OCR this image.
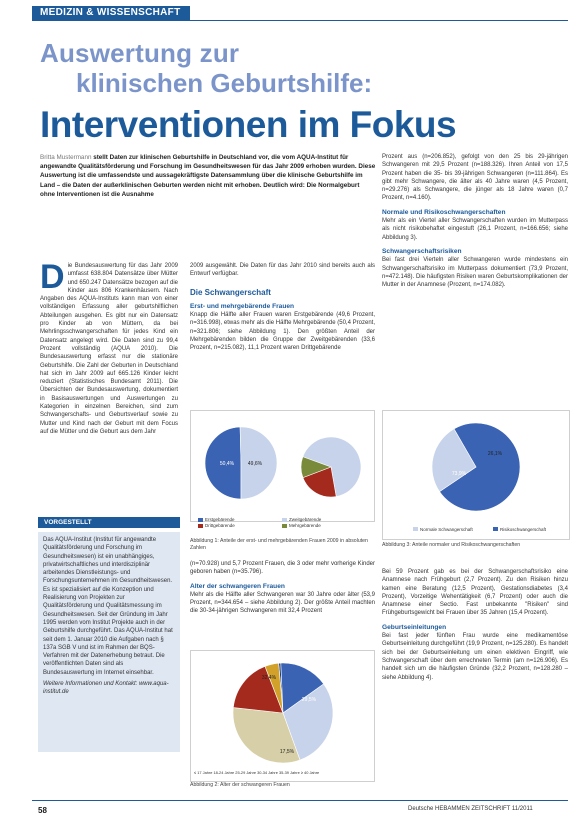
MEDIZIN & WISSENSCHAFT
Auswertung zur
klinischen Geburtshilfe:
Interventionen im Fokus
Britta Mustermann stellt Daten zur klinischen Geburtshilfe in Deutschland vor, die vom AQUA-Institut für angewandte Qualitätsförderung und Forschung im Gesundheitswesen für das Jahr 2009 erhoben wurden. Diese Auswertung ist die umfassendste und aussagekräftigste Datensammlung über die klinische Geburtshilfe im Land – die Daten der außerklinischen Geburten werden nicht mit erhoben. Deutlich wird: Die Normalgeburt ohne Interventionen ist die Ausnahme
D ie Bundesauswertung für das Jahr 2009 umfasst 638.804 Datensätze über Mütter und 650.247 Datensätze bezogen auf die Kinder aus 806 Krankenhäusern. Nach Angaben des AQUA-Instituts kann man von einer vollständigen Erfassung aller geburtshilflichen Abteilungen ausgehen. Es gibt nur ein Datensatz pro Kinder ab von Müttern, da bei Mehrlingsschwangerschaften für jedes Kind ein Datensatz angelegt wird. Die Daten sind zu 99,4 Prozent vollständig (AQUA 2010). Die Bundesauswertung erfasst nur die stationäre Geburtshilfe. Die Zahl der Geburten in Deutschland hat sich im Jahr 2009 auf 665.126 Kinder leicht reduziert (Statistisches Bundesamt 2011). Die Übersichten der Bundesauswertung, dokumentiert in Basisauswertungen und Auswertungen zu Kategorien in einzelnen Bereichen, sind zum Schwangerschafts- und Geburtsverlauf sowie zu Mutter und Kind nach der Geburt mit dem Focus auf die Mütter und die Geburt aus dem Jahr
VORGESTELLT
Das AQUA-Institut (Institut für angewandte Qualitätsförderung und Forschung im Gesundheitswesen) ist ein unabhängiges, privatwirtschaftliches und interdisziplinär arbeitendes Dienstleistungs- und Forschungsunternehmen im Gesundheitswesen. Es ist spezialisiert auf die Konzeption und Realisierung von Projekten zur Qualitätsförderung und Qualitätsmessung im Gesundheitswesen. Seit der Gründung im Jahr 1995 werden vom Institut Projekte auch in der Geburtshilfe durchgeführt. Das AQUA-Institut hat seit dem 1. Januar 2010 die Aufgaben nach § 137a SGB V und ist im Rahmen der BQS-Verfahren mit der Datenerhebung betraut. Die veröffentlichten Daten sind als Bundesauswertung im Internet einsehbar.
Weitere Informationen und Kontakt: www.aqua-institut.de
2009 ausgewählt. Die Daten für das Jahr 2010 sind bereits auch als Entwurf verfügbar.
Die Schwangerschaft
Erst- und mehrgebärende Frauen
Knapp die Hälfte aller Frauen waren Erstgebärende (49,6 Prozent, n=316.998), etwas mehr als die Hälfte Mehrgebärende (50,4 Prozent, n=321.806; siehe Abbildung 1). Den größten Anteil der Mehrgebärenden bilden die Gruppe der Zweitgebärenden (33,6 Prozent, n=215.082), 11,1 Prozent waren Drittgebärende
50,4%	49,6%
Erstgebärende	Zweitgebärende
Drittgebärende	Mehrgebärende
Abbildung 1: Anteile der erst- und mehrgebärenden Frauen 2009 in absoluten Zahlen
(n=70.928) und 5,7 Prozent Frauen, die 3 oder mehr vorherige Kinder geboren haben (n=35.796).
Alter der schwangeren Frauen
Mehr als die Hälfte aller Schwangeren war 30 Jahre oder älter (53,9 Prozent, n=344.654 – siehe Abbildung 2). Der größte Anteil machten die 30-34-jährigen Schwangeren mit 32,4 Prozent
32,4%
29,5%
17,5%
≤ 17 Jahre 18-24 Jahre 25-29 Jahre 30-34 Jahre 35-39 Jahre ≥ 40 Jahre
Abbildung 2: Alter der schwangeren Frauen
Prozent aus (n=206.852), gefolgt von den 25 bis 29-jährigen Schwangeren mit 29,5 Prozent (n=188.326). Ihren Anteil von 17,5 Prozent haben die 35- bis 39-jährigen Schwangeren (n=111.864). Es gibt mehr Schwangere, die älter als 40 Jahre waren (4,5 Prozent, n=29.276) als Schwangere, die jünger als 18 Jahre waren (0,7 Prozent, n=4.160).
Normale und Risikoschwangerschaften
Mehr als ein Viertel aller Schwangerschaften wurden im Mutterpass als nicht risikobehaftet eingestuft (26,1 Prozent, n=166.656; siehe Abbildung 3).
Schwangerschaftsrisiken
Bei fast drei Vierteln aller Schwangeren wurde mindestens ein Schwangerschaftsrisiko im Mutterpass dokumentiert (73,9 Prozent, n=472.148). Die häufigsten Risiken waren Geburtskomplikationen der Mutter in der Anamnese (Prozent, n=174.082).
73,9%
26,1%
Normale Schwangerschaft	Risikoschwangerschaft
Abbildung 3: Anteile normaler und Risikoschwangerschaften
Bei 59 Prozent gab es bei der Schwangerschaftsrisiko eine Anamnese nach Frühgeburt (2,7 Prozent). Zu den Risiken hinzu kamen eine Beratung (12,5 Prozent), Gestationsdiabetes (3,4 Prozent), Vorzeitige Wehentätigkeit (6,7 Prozent) oder auch die Anamnese einer Sectio. Fast unbekannte "Risiken" sind Frühgeburtsgewicht bei Frauen über 35 Jahren (15,4 Prozent).
Geburtseinleitungen
Bei fast jeder fünften Frau wurde eine medikamentöse Geburtseinleitung durchgeführt (19,9 Prozent, n=125.280). Es handelt sich bei der Geburtseinleitung um einen elektiven Eingriff, wie Schwangerschaft über dem errechneten Termin (am n=126.906). Es handelt sich um die häufigsten Gründe (32,2 Prozent, n=128.280 – siehe Abbildung 4).
58	Deutsche HEBAMMEN ZEITSCHRIFT 11/2011
